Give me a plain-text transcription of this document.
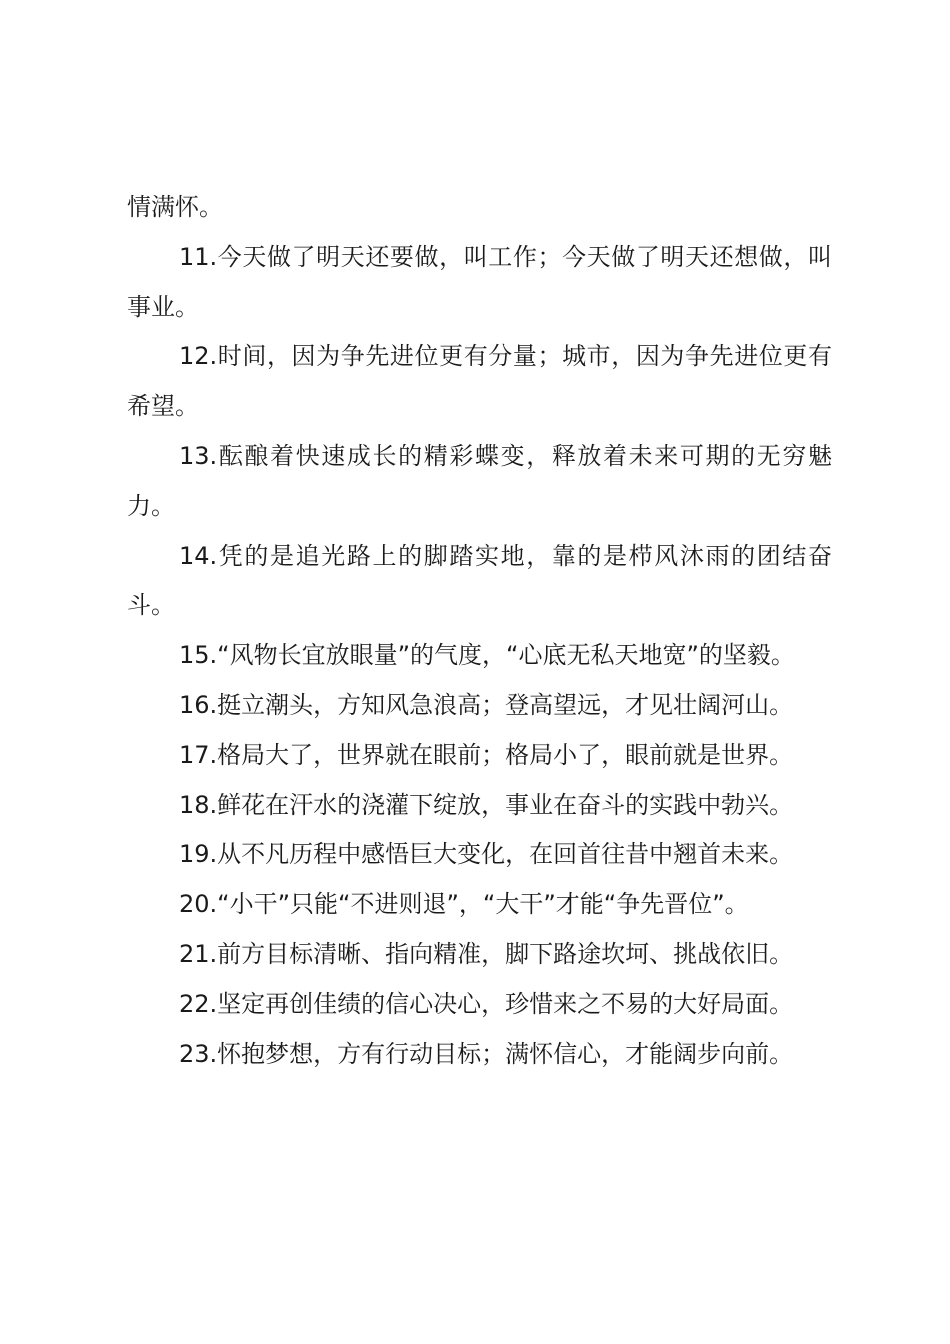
情满怀。

11.今天做了明天还要做，叫工作；今天做了明天还想做，叫事业。

12.时间，因为争先进位更有分量；城市，因为争先进位更有希望。

13.酝酿着快速成长的精彩蝶变，释放着未来可期的无穷魅力。

14.凭的是追光路上的脚踏实地，靠的是栉风沐雨的团结奋斗。

15.“风物长宜放眼量”的气度，“心底无私天地宽”的坚毅。

16.挺立潮头，方知风急浪高；登高望远，才见壮阔河山。

17.格局大了，世界就在眼前；格局小了，眼前就是世界。

18.鲜花在汗水的浇灌下绽放，事业在奋斗的实践中勃兴。

19.从不凡历程中感悟巨大变化，在回首往昔中翘首未来。

20.“小干”只能“不进则退”，“大干”才能“争先晋位”。

21.前方目标清晰、指向精准，脚下路途坎坷、挑战依旧。

22.坚定再创佳绩的信心决心，珍惜来之不易的大好局面。

23.怀抱梦想，方有行动目标；满怀信心，才能阔步向前。
